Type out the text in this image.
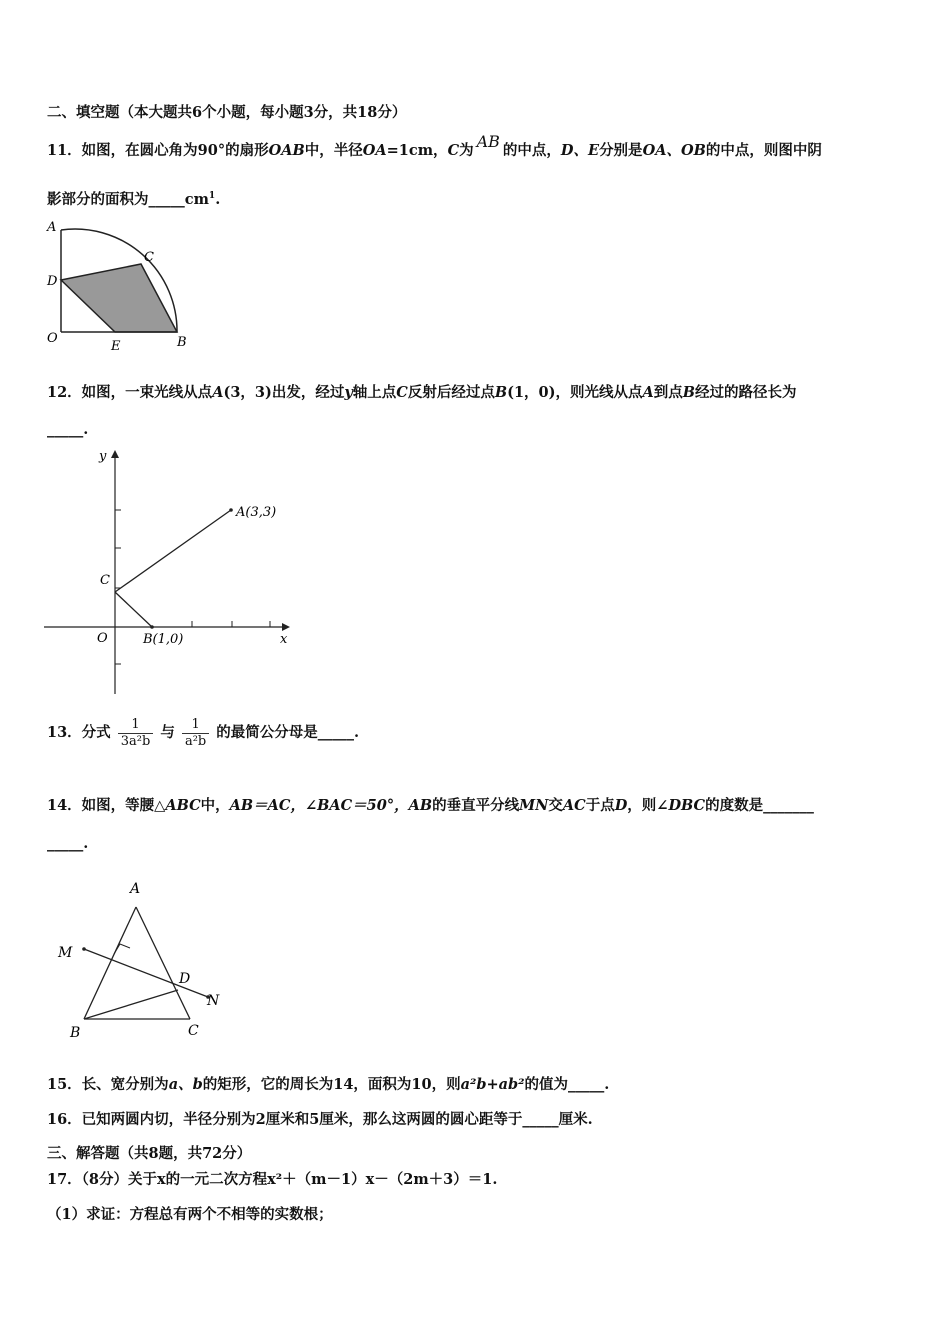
二、填空题（本大题共6个小题，每小题3分，共18分）
11．如图，在圆心角为90°的扇形OAB中，半径OA=1cm，C为 AB 的中点，D、E分别是OA、OB的中点，则图中阴
影部分的面积为$\_\_\_\_\_cm^1$.
A
C
D
O
E	B
12．如图，一束光线从点A(3，3)出发，经过y轴上点C反射后经过点B(1，0)，则光线从点A到点B经过的路径长为
_____.
y
x
A(3,3)
C
O	B(1,0)
13．分式 $\frac{1}{\text{3a²b}}$ 与 $\frac{1}{\text{a²b}}$ 的最简公分母是_____.
14．如图，等腰△ABC中，AB＝AC，∠BAC＝50°，AB的垂直平分线MN交AC于点D，则∠DBC的度数是_______
_____.
A
M
D
N
B	C
15．长、宽分别为a、b的矩形，它的周长为14，面积为10，则a²b+ab²的值为_____.
16．已知两圆内切，半径分别为2厘米和5厘米，那么这两圆的圆心距等于_____厘米.
三、解答题（共8题，共72分）
17．（8分）关于x的一元二次方程x²＋（m－1）x－（2m＋3）＝1.
（1）求证：方程总有两个不相等的实数根；
